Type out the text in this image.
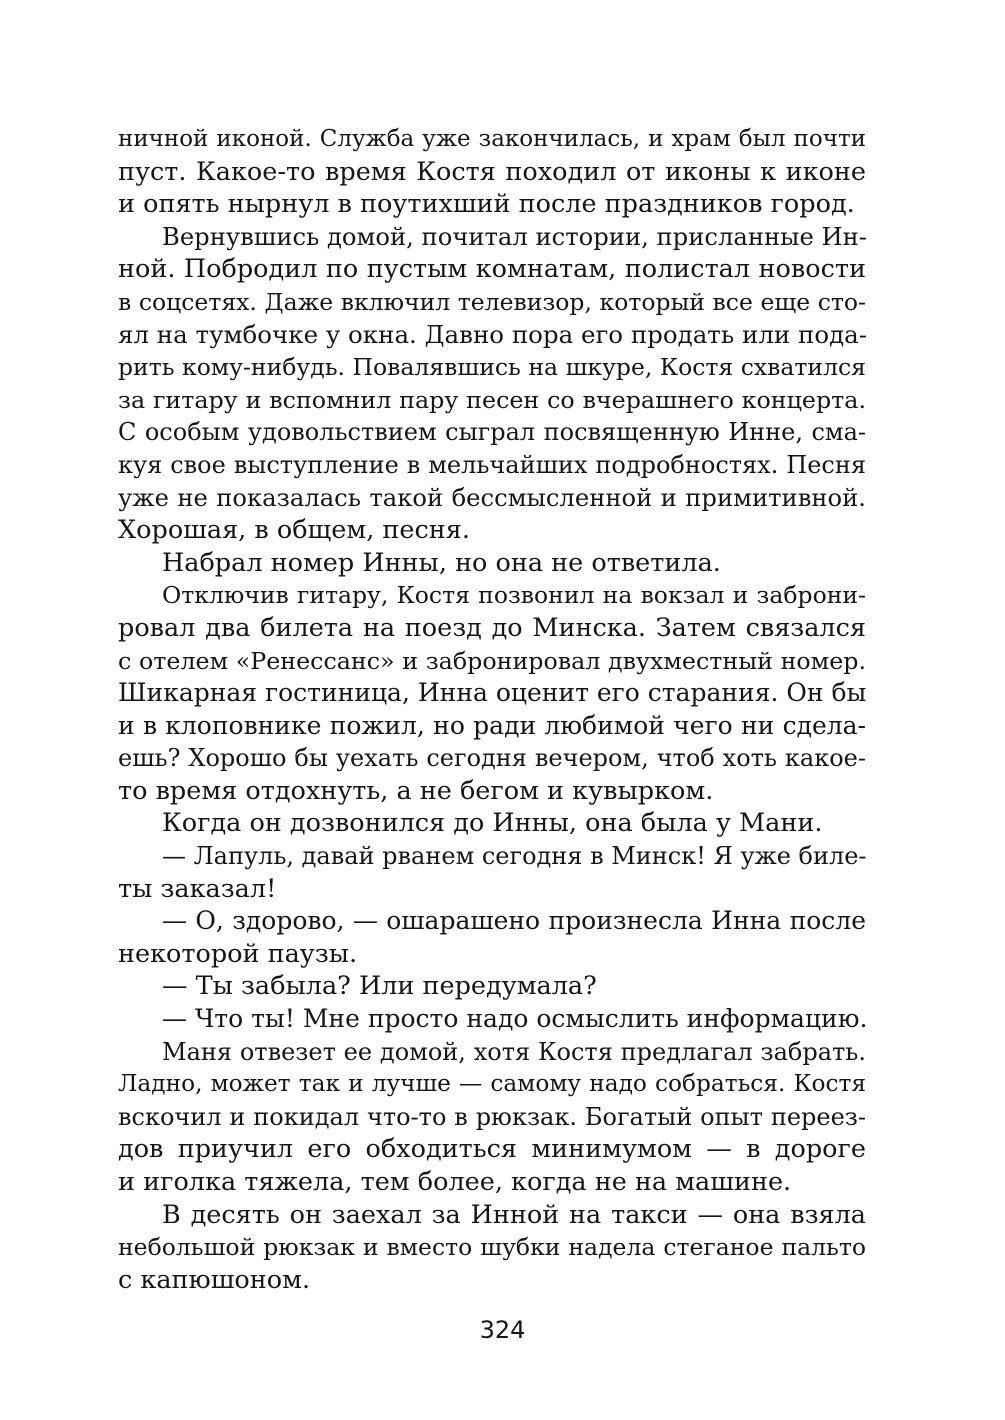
ничной иконой. Служба уже закончилась, и храм был почти
пуст. Какое-то время Костя походил от иконы к иконе
и опять нырнул в поутихший после праздников город.
Вернувшись домой, почитал истории, присланные Ин-
ной. Побродил по пустым комнатам, полистал новости
в соцсетях. Даже включил телевизор, который все еще сто-
ял на тумбочке у окна. Давно пора его продать или пода-
рить кому-нибудь. Повалявшись на шкуре, Костя схватился
за гитару и вспомнил пару песен со вчерашнего концерта.
С особым удовольствием сыграл посвященную Инне, сма-
куя свое выступление в мельчайших подробностях. Песня
уже не показалась такой бессмысленной и примитивной.
Хорошая, в общем, песня.
Набрал номер Инны, но она не ответила.
Отключив гитару, Костя позвонил на вокзал и заброни-
ровал два билета на поезд до Минска. Затем связался
с отелем «Ренессанс» и забронировал двухместный номер.
Шикарная гостиница, Инна оценит его старания. Он бы
и в клоповнике пожил, но ради любимой чего ни сдела-
ешь? Хорошо бы уехать сегодня вечером, чтоб хоть какое-
то время отдохнуть, а не бегом и кувырком.
Когда он дозвонился до Инны, она была у Мани.
— Лапуль, давай рванем сегодня в Минск! Я уже биле-
ты заказал!
— О, здорово, — ошарашено произнесла Инна после
некоторой паузы.
— Ты забыла? Или передумала?
— Что ты! Мне просто надо осмыслить информацию.
Маня отвезет ее домой, хотя Костя предлагал забрать.
Ладно, может так и лучше — самому надо собраться. Костя
вскочил и покидал что-то в рюкзак. Богатый опыт переез-
дов приучил его обходиться минимумом — в дороге
и иголка тяжела, тем более, когда не на машине.
В десять он заехал за Инной на такси — она взяла
небольшой рюкзак и вместо шубки надела стеганое пальто
с капюшоном.
324
